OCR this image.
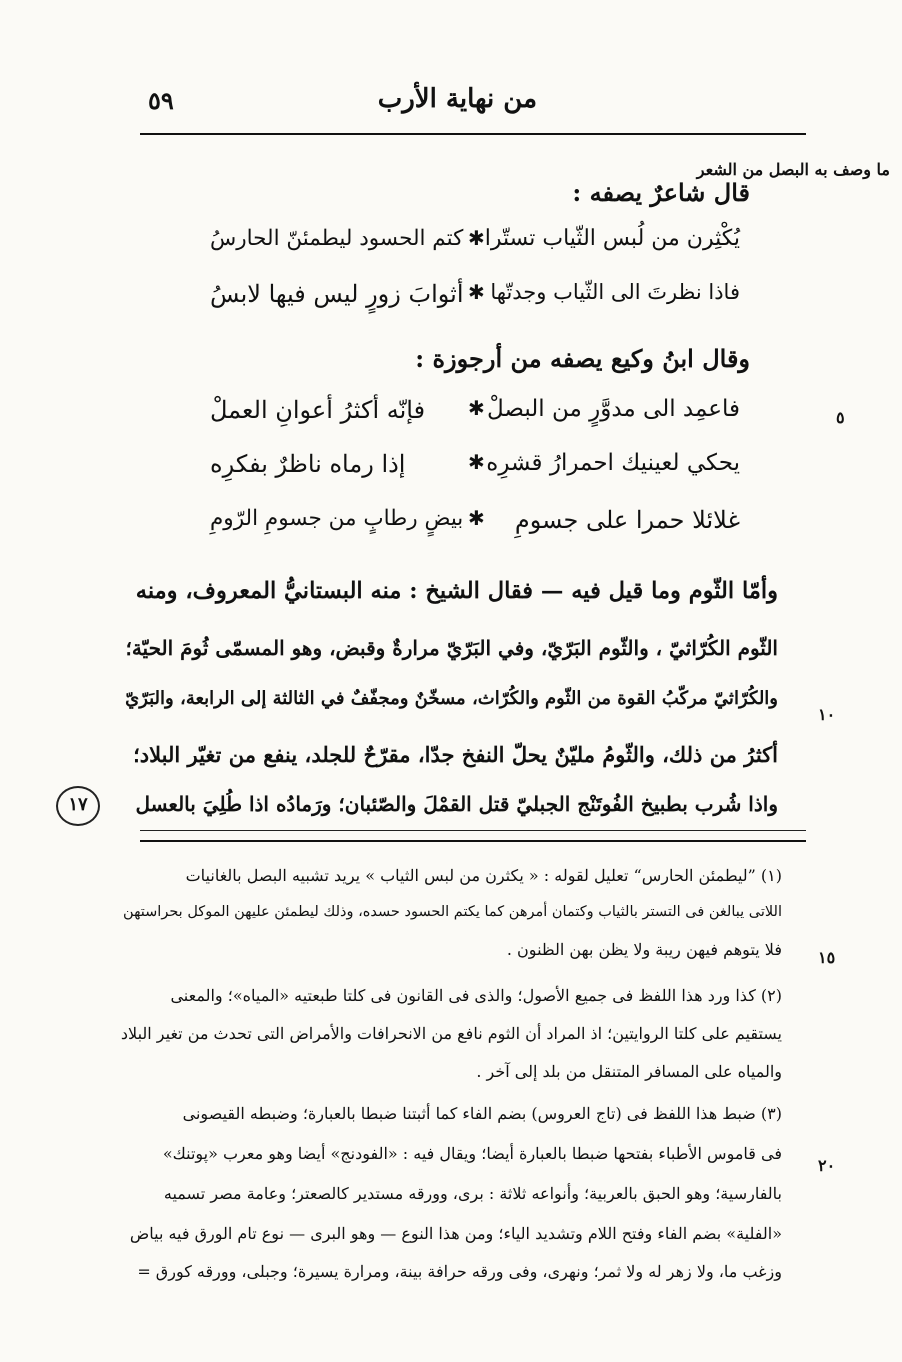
٥٩	من نهاية الأرب
ما وصف به البصل من الشعر
٥
١٠
١٥
٢٠
١٧
قال شاعرٌ يصفه :
يُكْثِرن من لُبس الثّياب تستّرا
✱
كتم الحسود ليطمئنّ الحارسُ
فاذا نظرتَ الى الثّياب وجدتّها
✱
أثوابَ زورٍ ليس فيها لابسُ
وقال ابنُ وكيع يصفه من أرجوزة :
فاعمِد الى مدوَّرٍ من البصلْ
✱
فإنّه أكثرُ أعوانِ العملْ
يحكي لعينيك احمرارُ قشرِه
✱
إذا رماه ناظرٌ بفكرِه
غلائلا حمرا على جسومِ
✱
بيضٍ رطابٍ من جسومِ الرّومِ
وأمّا الثّوم وما قيل فيه — فقال الشيخ : منه البستانيُّ المعروف، ومنه
الثّوم الكُرّاثيّ ، والثّوم البَرّيّ، وفي البَرّيّ مرارةٌ وقبض، وهو المسمّى ثُومَ الحيّة؛
والكُرّاثيّ مركّبُ القوة من الثّوم والكُرّاث، مسخّنٌ ومجفّفٌ في الثالثة إلى الرابعة، والبَرّيّ
أكثرُ من ذلك، والثّومُ مليّنٌ يحلّ النفخ جدّا، مقرّحٌ للجلد، ينفع من تغيّر البلاد؛
واذا شُرب بطبيخ الفُوتَنْج الجبليّ قتل القمْلَ والصّئبان؛ ورَمادُه اذا طُلِيَ بالعسل
(١) ”ليطمئن الحارس“ تعليل لقوله : « يكثرن من لبس الثياب » يريد تشبيه البصل بالغانيات
اللاتى يبالغن فى التستر بالثياب وكتمان أمرهن كما يكتم الحسود حسده، وذلك ليطمئن عليهن الموكل بحراستهن
فلا يتوهم فيهن ريبة ولا يظن بهن الظنون .
(٢) كذا ورد هذا اللفظ فى جميع الأصول؛ والذى فى القانون فى كلتا طبعتيه «المياه»؛ والمعنى
يستقيم على كلتا الروايتين؛ اذ المراد أن الثوم نافع من الانحرافات والأمراض التى تحدث من تغير البلاد
والمياه على المسافر المتنقل من بلد إلى آخر .
(٣) ضبط هذا اللفظ فى (تاج العروس) بضم الفاء كما أثبتنا ضبطا بالعبارة؛ وضبطه القيصونى
فى قاموس الأطباء بفتحها ضبطا بالعبارة أيضا؛ ويقال فيه : «الفودنج» أيضا وهو معرب «پوتنك»
بالفارسية؛ وهو الحبق بالعربية؛ وأنواعه ثلاثة : برى، وورقه مستدير كالصعتر؛ وعامة مصر تسميه
«الفلية» بضم الفاء وفتح اللام وتشديد الياء؛ ومن هذا النوع — وهو البرى — نوع تام الورق فيه بياض
وزغب ما، ولا زهر له ولا ثمر؛ ونهرى، وفى ورقه حرافة بينة، ومرارة يسيرة؛ وجبلى، وورقه كورق =
